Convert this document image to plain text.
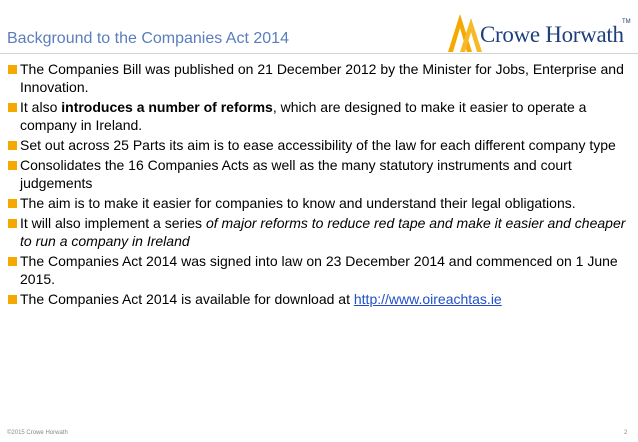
Background to the Companies Act 2014	Crowe Horwath
TM
The Companies Bill was published on 21 December 2012 by the Minister for Jobs, Enterprise and Innovation.
It also introduces a number of reforms, which are designed to make it easier to operate a company in Ireland.
Set out across 25 Parts its aim is to ease accessibility of the law for each different company type
Consolidates the 16 Companies Acts as well as the many statutory instruments and court judgements
The aim is to make it easier for companies to know and understand their legal obligations.
It will also implement a series of major reforms to reduce red tape and make it easier and cheaper to run a company in Ireland
The Companies Act 2014 was signed into law on 23 December 2014 and commenced on 1 June 2015.
The Companies Act 2014 is available for download at http://www.oireachtas.ie
©2015 Crowe Horwath	2
